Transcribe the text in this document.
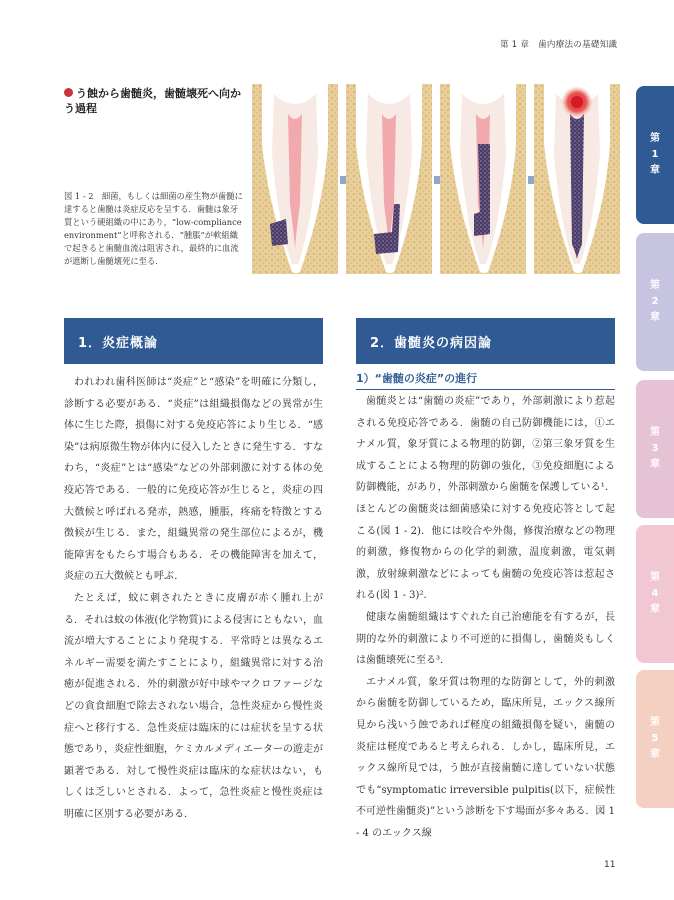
第 1 章　歯内療法の基礎知識
第
1
章
第
2
章
第
3
章
第
4
章
第
5
章
う蝕から歯髄炎，歯髄壊死へ向かう過程
図 1 - 2　細菌，もしくは細菌の産生物が歯髄に達すると歯髄は炎症反応を呈する．歯髄は象牙質という硬組織の中にあり，“low-compliance environment”と呼称される．“腫脹”が軟組織で起きると歯髄血流は阻害され，最終的に血流が遮断し歯髄壊死に至る．
1．炎症概論

われわれ歯科医師は“炎症”と“感染”を明確に分類し，診断する必要がある．“炎症”は組織損傷などの異常が生体に生じた際，損傷に対する免疫応答により生じる．“感染”は病原微生物が体内に侵入したときに発生する．すなわち，“炎症”とは“感染”などの外部刺激に対する体の免疫応答である．一般的に免疫応答が生じると，炎症の四大徴候と呼ばれる発赤，熱感，腫脹，疼痛を特徴とする徴候が生じる．また，組織異常の発生部位によるが，機能障害をもたらす場合もある．その機能障害を加えて，炎症の五大徴候とも呼ぶ．

たとえば，蚊に刺されたときに皮膚が赤く腫れ上がる．それは蚊の体液(化学物質)による侵害にともない，血流が増大することにより発現する．平常時とは異なるエネルギー需要を満たすことにより，組織異常に対する治癒が促進される．外的刺激が好中球やマクロファージなどの貪食細胞で除去されない場合，急性炎症から慢性炎症へと移行する．急性炎症は臨床的には症状を呈する状態であり，炎症性細胞，ケミカルメディエーターの遊走が顕著である．対して慢性炎症は臨床的な症状はない，もしくは乏しいとされる．よって，急性炎症と慢性炎症は明確に区別する必要がある．

2．歯髄炎の病因論
1）“歯髄の炎症”の進行

歯髄炎とは“歯髄の炎症”であり，外部刺激により惹起される免疫応答である．歯髄の自己防御機能には，①エナメル質，象牙質による物理的防御，②第三象牙質を生成することによる物理的防御の強化，③免疫細胞による防御機能，があり，外部刺激から歯髄を保護している¹．ほとんどの歯髄炎は細菌感染に対する免疫応答として起こる(図 1 - 2)．他には咬合や外傷，修復治療などの物理的刺激，修復物からの化学的刺激，温度刺激，電気刺激，放射線刺激などによっても歯髄の免疫応答は惹起される(図 1 - 3)².

健康な歯髄組織はすぐれた自己治癒能を有するが，長期的な外的刺激により不可逆的に損傷し，歯髄炎もしくは歯髄壊死に至る³．

エナメル質，象牙質は物理的な防御として，外的刺激から歯髄を防御しているため，臨床所見，エックス線所見から浅いう蝕であれば軽度の組織損傷を疑い，歯髄の炎症は軽度であると考えられる．しかし，臨床所見，エックス線所見では，う蝕が直接歯髄に達していない状態でも“symptomatic irreversible pulpitis(以下，症候性不可逆性歯髄炎)”という診断を下す場面が多々ある．図 1 - 4 のエックス線

11
